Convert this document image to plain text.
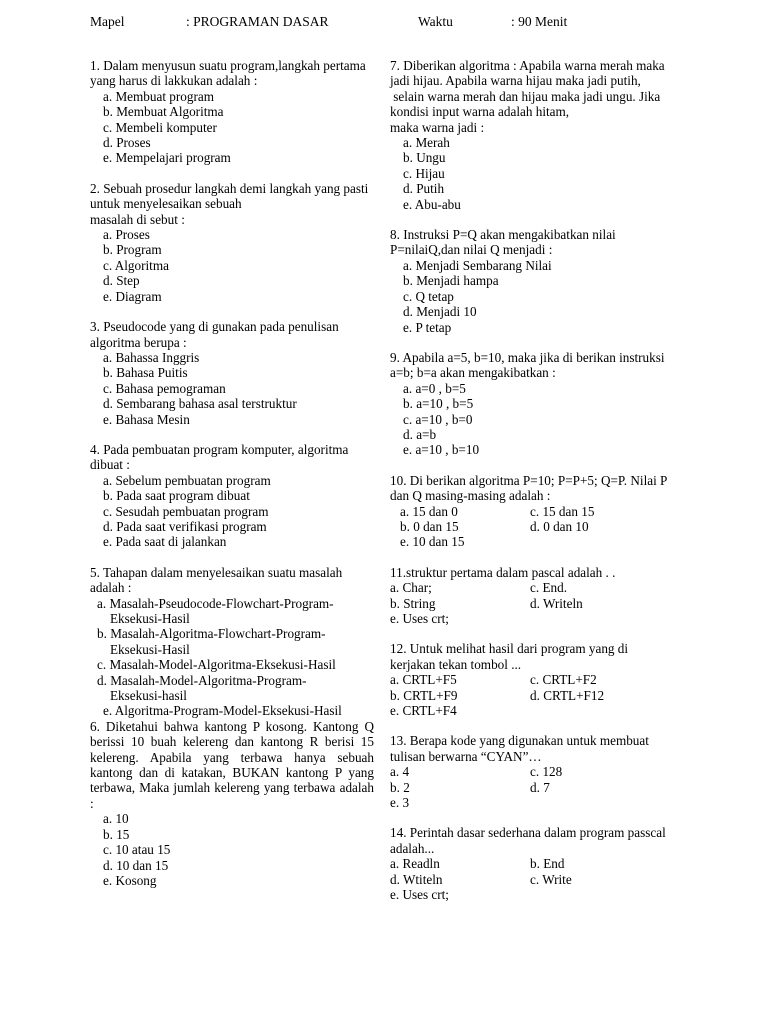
Mapel	: PROGRAMAN DASAR	Waktu	: 90 Menit
1. Dalam menyusun suatu program,langkah pertama yang harus di lakkukan adalah :
a. Membuat program
b. Membuat Algoritma
c. Membeli komputer
d. Proses
e. Mempelajari program
2. Sebuah prosedur langkah demi langkah yang pasti untuk menyelesaikan sebuah
masalah di sebut :
a. Proses
b. Program
c. Algoritma
d. Step
e. Diagram
3. Pseudocode yang di gunakan pada penulisan algoritma berupa :
a. Bahassa Inggris
b. Bahasa Puitis
c. Bahasa pemograman
d. Sembarang bahasa asal terstruktur
e. Bahasa Mesin
4. Pada pembuatan program komputer, algoritma dibuat :
a. Sebelum pembuatan program
b. Pada saat program dibuat
c. Sesudah pembuatan program
d. Pada saat verifikasi program
e. Pada saat di jalankan
5. Tahapan dalam menyelesaikan suatu masalah adalah :
a. Masalah-Pseudocode-Flowchart-Program-
Eksekusi-Hasil
b. Masalah-Algoritma-Flowchart-Program-
Eksekusi-Hasil
c. Masalah-Model-Algoritma-Eksekusi-Hasil
d. Masalah-Model-Algoritma-Program-
Eksekusi-hasil
e. Algoritma-Program-Model-Eksekusi-Hasil
6. Diketahui bahwa kantong P kosong. Kantong Q berissi 10 buah kelereng dan kantong R berisi 15 kelereng. Apabila yang terbawa hanya sebuah kantong dan di katakan, BUKAN kantong P yang terbawa, Maka jumlah kelereng yang terbawa adalah :
a. 10
b. 15
c. 10 atau 15
d. 10 dan 15
e. Kosong
7. Diberikan algoritma : Apabila warna merah maka jadi hijau. Apabila warna hijau maka jadi putih,
selain warna merah dan hijau maka jadi ungu. Jika kondisi input warna adalah hitam,
maka warna jadi :
a. Merah
b. Ungu
c. Hijau
d. Putih
e. Abu-abu
8. Instruksi P=Q akan mengakibatkan nilai P=nilaiQ,dan nilai Q menjadi :
a. Menjadi Sembarang Nilai
b. Menjadi hampa
c. Q tetap
d. Menjadi 10
e. P tetap
9. Apabila a=5, b=10, maka jika di berikan instruksi a=b; b=a akan mengakibatkan :
a. a=0 , b=5
b. a=10 , b=5
c. a=10 , b=0
d. a=b
e. a=10 , b=10
10. Di berikan algoritma P=10; P=P+5; Q=P. Nilai P dan Q masing-masing adalah :
a. 15 dan 0	c. 15 dan 15
b. 0 dan 15	d. 0 dan 10
e. 10 dan 15
11.struktur pertama dalam pascal adalah . .
a. Char;	c. End.
b. String	d. Writeln
e. Uses crt;
12. Untuk melihat hasil dari program yang di kerjakan tekan tombol ...
a. CRTL+F5	c. CRTL+F2
b. CRTL+F9	d. CRTL+F12
e. CRTL+F4
13. Berapa kode yang digunakan untuk membuat tulisan berwarna “CYAN”…
a. 4	c. 128
b. 2	d. 7
e. 3
14. Perintah dasar sederhana dalam program passcal adalah...
a. Readln	b. End
d. Wtiteln	c. Write
e. Uses crt;
